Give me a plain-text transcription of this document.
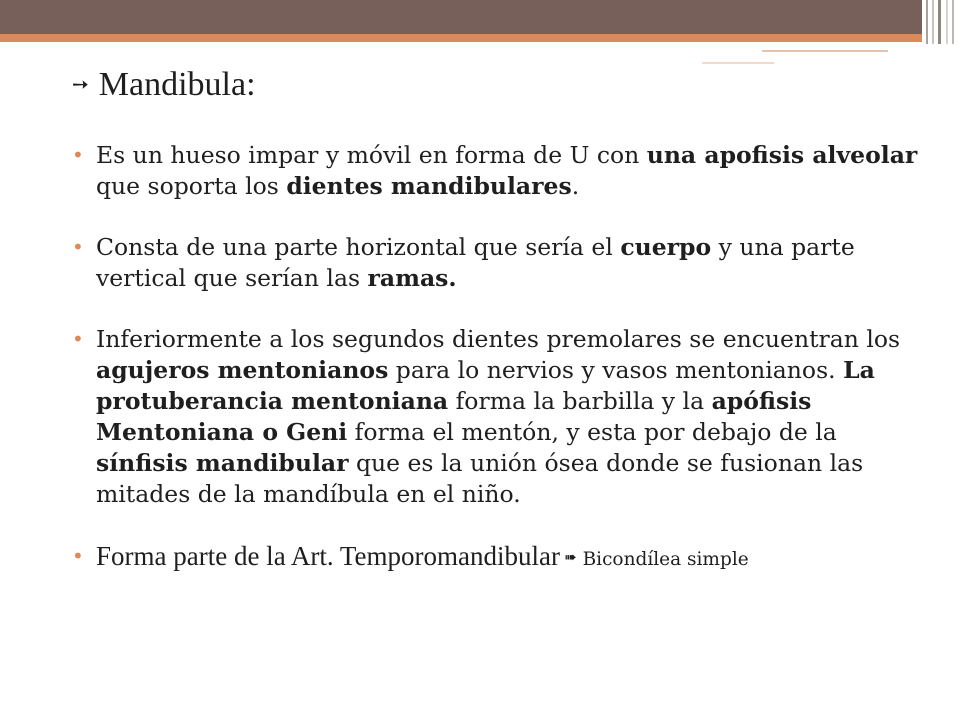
➙ Mandibula:
• Es un hueso impar y móvil en forma de U con una apofisis alveolar que soporta los dientes mandibulares.
• Consta de una parte horizontal que sería el cuerpo y una parte vertical que serían las ramas.
• Inferiormente a los segundos dientes premolares se encuentran los agujeros mentonianos para lo nervios y vasos mentonianos. La protuberancia mentoniana forma la barbilla y la apófisis Mentoniana o Geni forma el mentón, y esta por debajo de la sínfisis mandibular que es la unión ósea donde se fusionan las mitades de la mandíbula en el niño.
• Forma parte de la Art. Temporomandibular ➠ Bicondílea simple
